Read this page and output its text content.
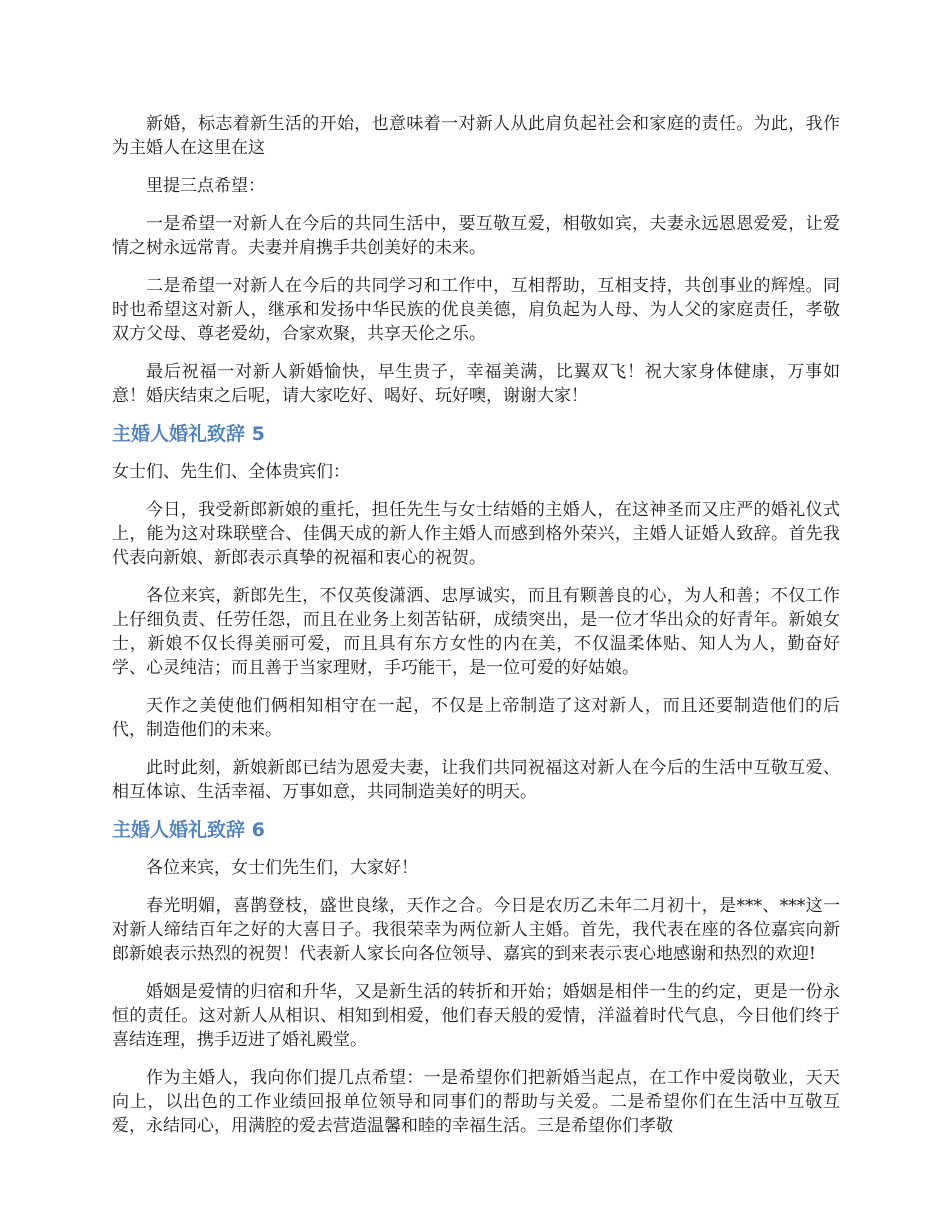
新婚，标志着新生活的开始，也意味着一对新人从此肩负起社会和家庭的责任。为此，我作为主婚人在这里在这

里提三点希望：

一是希望一对新人在今后的共同生活中，要互敬互爱，相敬如宾，夫妻永远恩恩爱爱，让爱情之树永远常青。夫妻并肩携手共创美好的未来。

二是希望一对新人在今后的共同学习和工作中，互相帮助，互相支持，共创事业的辉煌。同时也希望这对新人，继承和发扬中华民族的优良美德，肩负起为人母、为人父的家庭责任，孝敬双方父母、尊老爱幼，合家欢聚，共享天伦之乐。

最后祝福一对新人新婚愉快，早生贵子，幸福美满，比翼双飞！祝大家身体健康，万事如意！婚庆结束之后呢，请大家吃好、喝好、玩好噢，谢谢大家！

主婚人婚礼致辞 5

女士们、先生们、全体贵宾们：

今日，我受新郎新娘的重托，担任先生与女士结婚的主婚人，在这神圣而又庄严的婚礼仪式上，能为这对珠联壁合、佳偶天成的新人作主婚人而感到格外荣兴，主婚人证婚人致辞。首先我代表向新娘、新郎表示真挚的祝福和衷心的祝贺。

各位来宾，新郎先生，不仅英俊潇洒、忠厚诚实，而且有颗善良的心，为人和善；不仅工作上仔细负责、任劳任怨，而且在业务上刻苦钻研，成绩突出，是一位才华出众的好青年。新娘女士，新娘不仅长得美丽可爱，而且具有东方女性的内在美，不仅温柔体贴、知人为人，勤奋好学、心灵纯洁；而且善于当家理财，手巧能干，是一位可爱的好姑娘。

天作之美使他们俩相知相守在一起，不仅是上帝制造了这对新人，而且还要制造他们的后代，制造他们的未来。

此时此刻，新娘新郎已结为恩爱夫妻，让我们共同祝福这对新人在今后的生活中互敬互爱、相互体谅、生活幸福、万事如意，共同制造美好的明天。

主婚人婚礼致辞 6

各位来宾，女士们先生们，大家好！

春光明媚，喜鹊登枝，盛世良缘，天作之合。今日是农历乙未年二月初十，是***、***这一对新人缔结百年之好的大喜日子。我很荣幸为两位新人主婚。首先，我代表在座的各位嘉宾向新郎新娘表示热烈的祝贺！代表新人家长向各位领导、嘉宾的到来表示衷心地感谢和热烈的欢迎!

婚姻是爱情的归宿和升华，又是新生活的转折和开始；婚姻是相伴一生的约定，更是一份永恒的责任。这对新人从相识、相知到相爱，他们春天般的爱情，洋溢着时代气息，今日他们终于喜结连理，携手迈进了婚礼殿堂。

作为主婚人，我向你们提几点希望：一是希望你们把新婚当起点，在工作中爱岗敬业，天天向上，以出色的工作业绩回报单位领导和同事们的帮助与关爱。二是希望你们在生活中互敬互爱，永结同心，用满腔的爱去营造温馨和睦的幸福生活。三是希望你们孝敬
